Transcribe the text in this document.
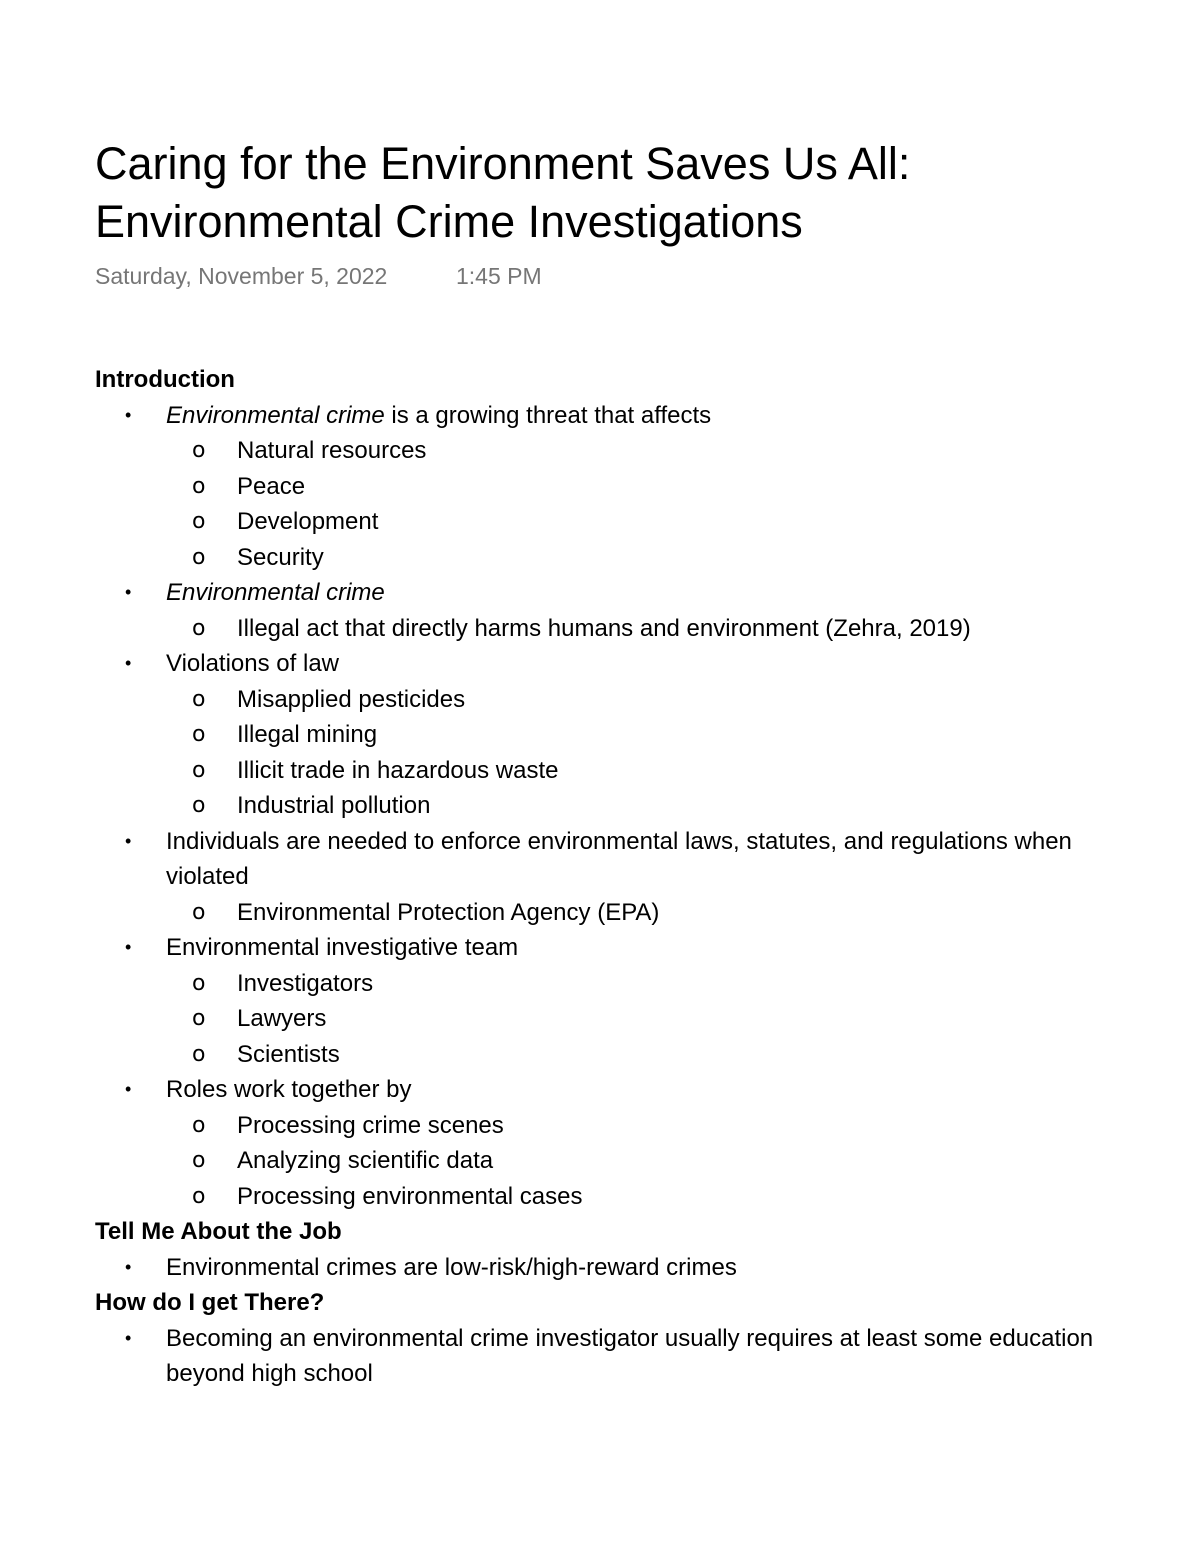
Caring for the Environment Saves Us All:
Environmental Crime Investigations
Saturday, November 5, 2022	1:45 PM

Introduction

• Environmental crime is a growing threat that affects
o Natural resources
o Peace
o Development
o Security
• Environmental crime
o Illegal act that directly harms humans and environment (Zehra, 2019)
• Violations of law
o Misapplied pesticides
o Illegal mining
o Illicit trade in hazardous waste
o Industrial pollution
• Individuals are needed to enforce environmental laws, statutes, and regulations when violated
o Environmental Protection Agency (EPA)
• Environmental investigative team
o Investigators
o Lawyers
o Scientists
• Roles work together by
o Processing crime scenes
o Analyzing scientific data
o Processing environmental cases

Tell Me About the Job

• Environmental crimes are low-risk/high-reward crimes

How do I get There?

• Becoming an environmental crime investigator usually requires at least some education beyond high school
